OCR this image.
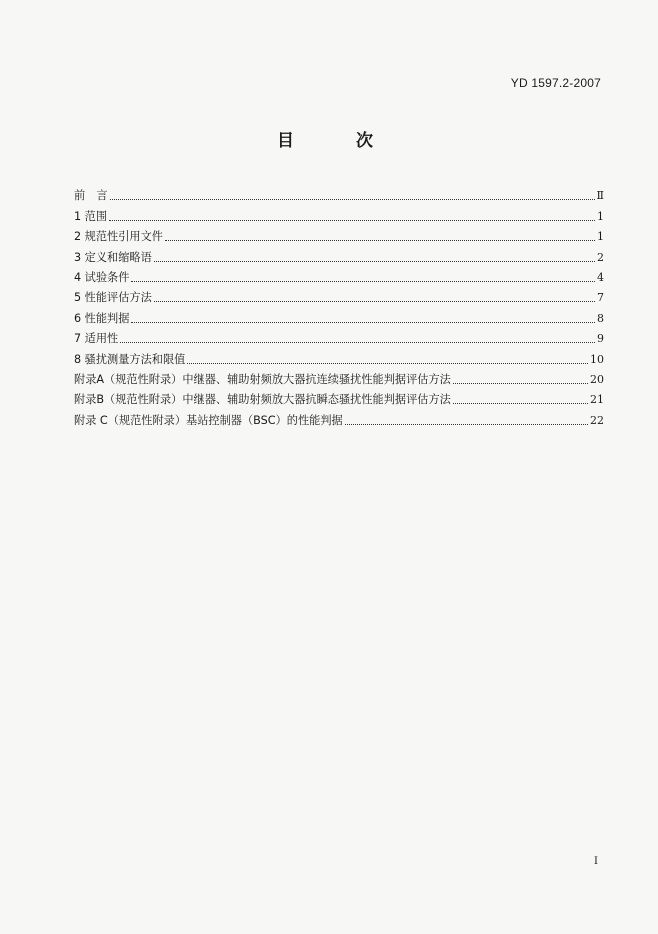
YD 1597.2-2007
目 次
前　言	Ⅱ
1 范围	1
2 规范性引用文件	1
3 定义和缩略语	2
4 试验条件	4
5 性能评估方法	7
6 性能判据	8
7 适用性	9
8 骚扰测量方法和限值	10
附录A（规范性附录）中继器、辅助射频放大器抗连续骚扰性能判据评估方法	20
附录B（规范性附录）中继器、辅助射频放大器抗瞬态骚扰性能判据评估方法	21
附录 C（规范性附录）基站控制器（BSC）的性能判据	22
I
